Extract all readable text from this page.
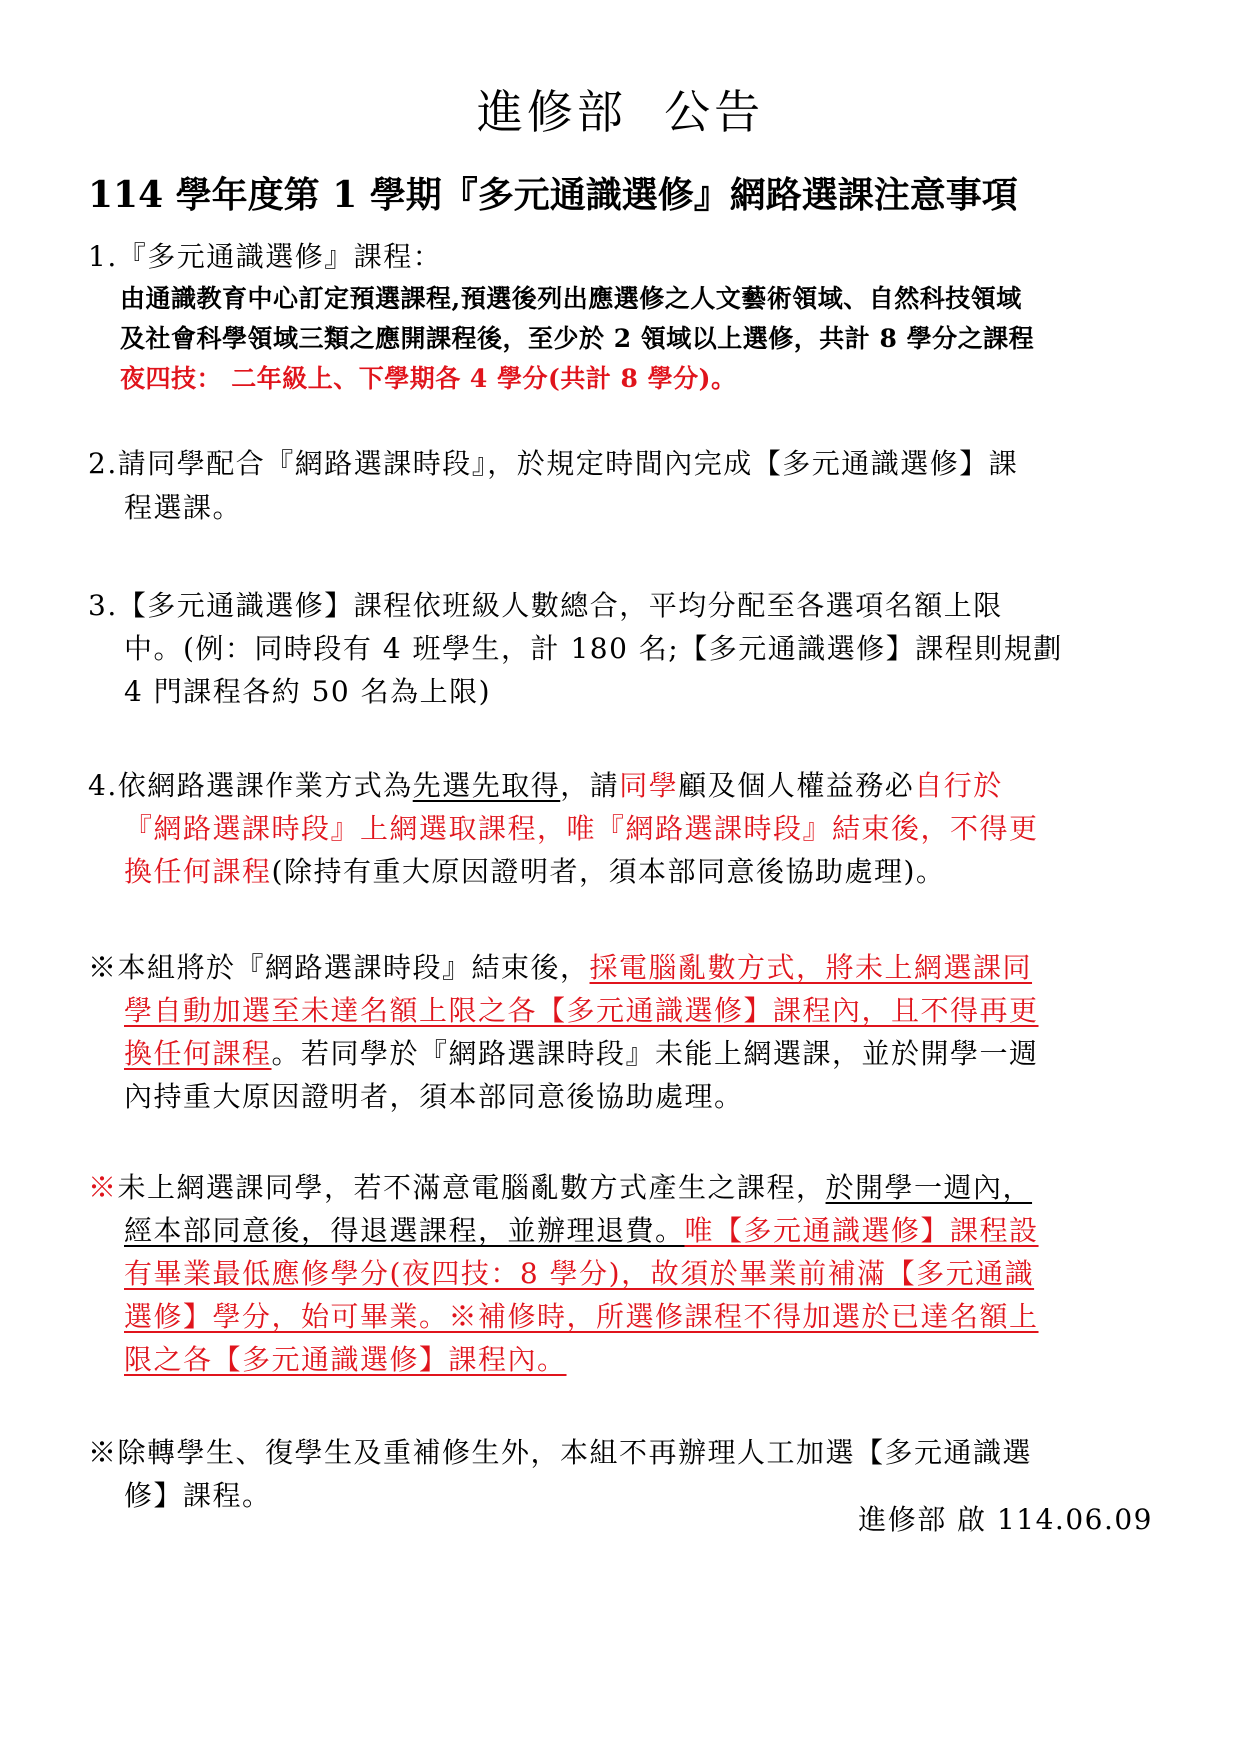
進修部  公告
114 學年度第 1 學期『多元通識選修』網路選課注意事項
1.『多元通識選修』課程：
由通識教育中心訂定預選課程,預選後列出應選修之人文藝術領域、自然科技領域
及社會科學領域三類之應開課程後，至少於 2 領域以上選修，共計 8 學分之課程
夜四技： 二年級上、下學期各 4 學分(共計 8 學分)。
2.請同學配合『網路選課時段』，於規定時間內完成【多元通識選修】課
程選課。
3.【多元通識選修】課程依班級人數總合，平均分配至各選項名額上限
中。(例：同時段有 4 班學生，計 180 名;【多元通識選修】課程則規劃
4 門課程各約 50 名為上限)
4.依網路選課作業方式為先選先取得，請同學顧及個人權益務必自行於
『網路選課時段』上網選取課程，唯『網路選課時段』結束後，不得更
換任何課程(除持有重大原因證明者，須本部同意後協助處理)。
※本組將於『網路選課時段』結束後，採電腦亂數方式，將未上網選課同
學自動加選至未達名額上限之各【多元通識選修】課程內，且不得再更
換任何課程。若同學於『網路選課時段』未能上網選課，並於開學一週
內持重大原因證明者，須本部同意後協助處理。
※未上網選課同學，若不滿意電腦亂數方式產生之課程，於開學一週內，
經本部同意後，得退選課程，並辦理退費。唯【多元通識選修】課程設
有畢業最低應修學分(夜四技：8 學分)，故須於畢業前補滿【多元通識
選修】學分，始可畢業。※補修時，所選修課程不得加選於已達名額上
限之各【多元通識選修】課程內。
※除轉學生、復學生及重補修生外，本組不再辦理人工加選【多元通識選
修】課程。
進修部 啟 114.06.09
